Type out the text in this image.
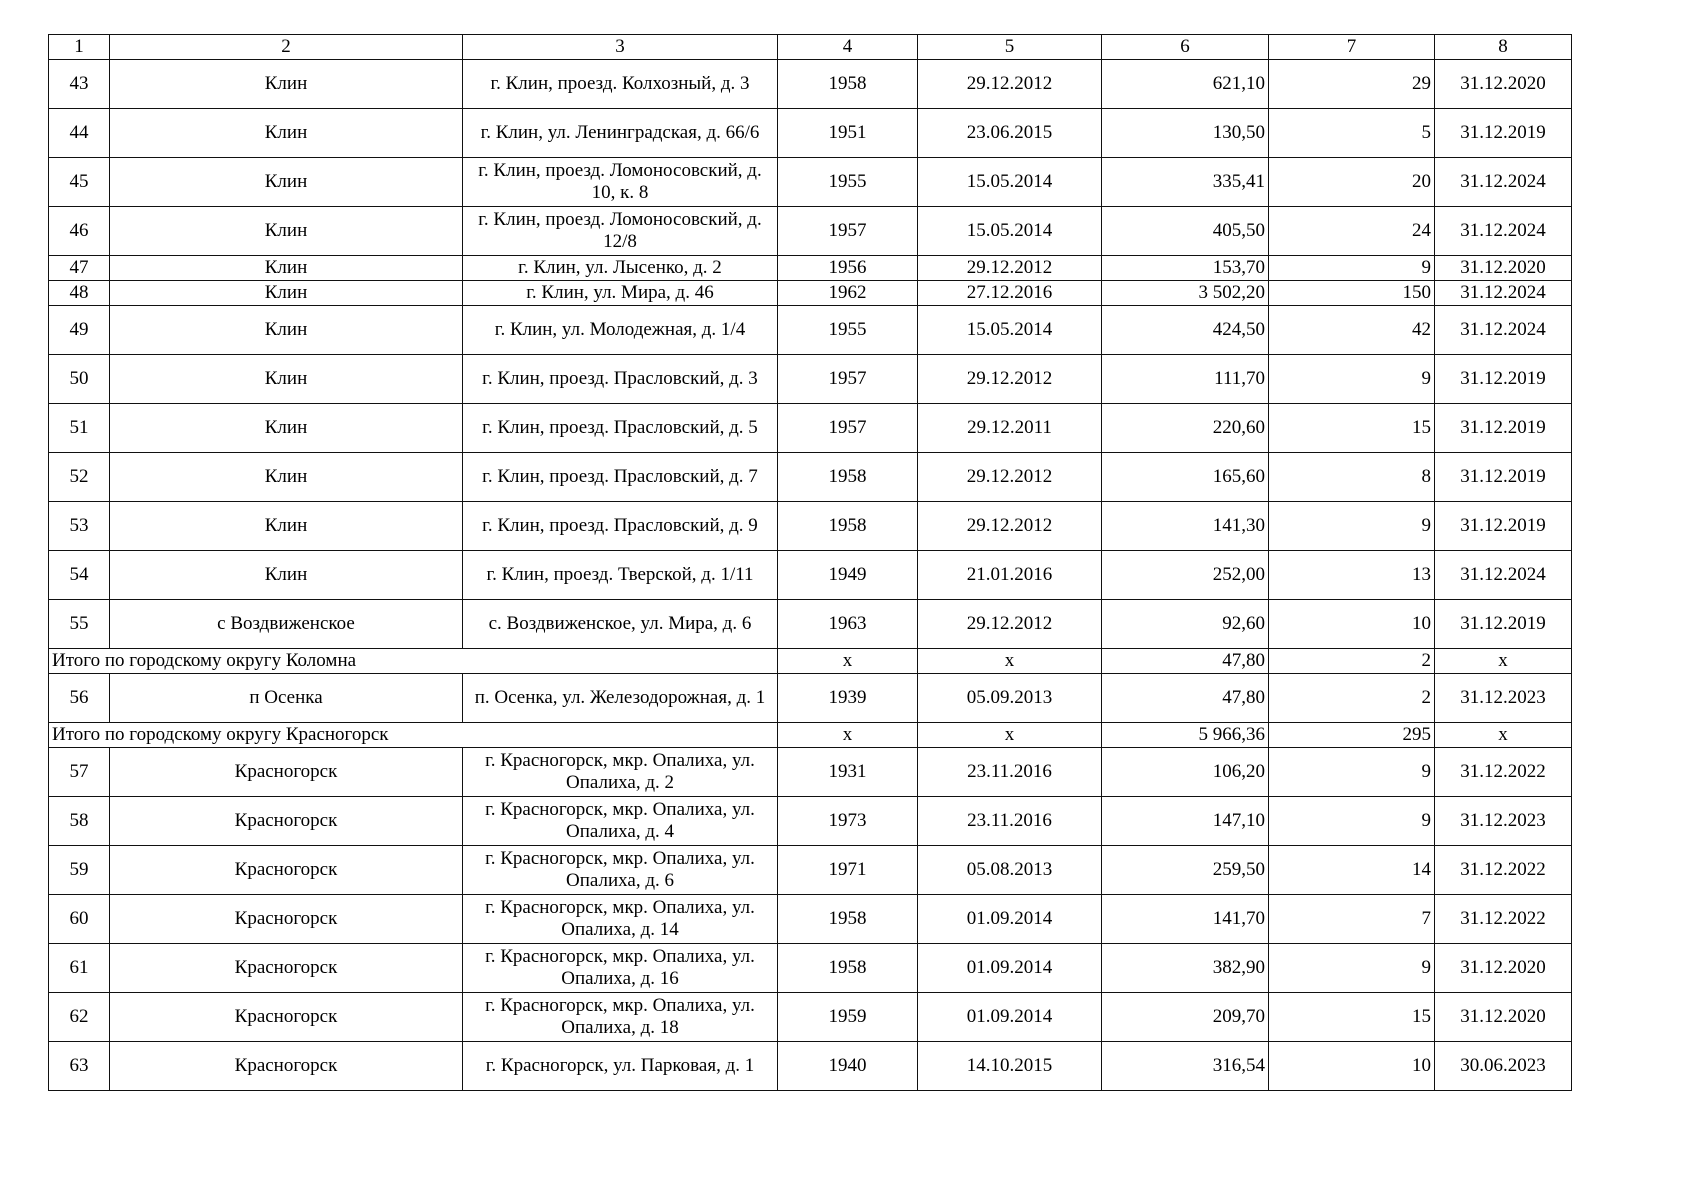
1	2	3	4	5	6	7	8
43	Клин	г. Клин, проезд. Колхозный, д. 3	1958	29.12.2012	621,10	29	31.12.2020
44	Клин	г. Клин, ул. Ленинградская, д. 66/6	1951	23.06.2015	130,50	5	31.12.2019
45	Клин	г. Клин, проезд. Ломоносовский, д. 10, к. 8	1955	15.05.2014	335,41	20	31.12.2024
46	Клин	г. Клин, проезд. Ломоносовский, д. 12/8	1957	15.05.2014	405,50	24	31.12.2024
47	Клин	г. Клин, ул. Лысенко, д. 2	1956	29.12.2012	153,70	9	31.12.2020
48	Клин	г. Клин, ул. Мира, д. 46	1962	27.12.2016	3 502,20	150	31.12.2024
49	Клин	г. Клин, ул. Молодежная, д. 1/4	1955	15.05.2014	424,50	42	31.12.2024
50	Клин	г. Клин, проезд. Прасловский, д. 3	1957	29.12.2012	111,70	9	31.12.2019
51	Клин	г. Клин, проезд. Прасловский, д. 5	1957	29.12.2011	220,60	15	31.12.2019
52	Клин	г. Клин, проезд. Прасловский, д. 7	1958	29.12.2012	165,60	8	31.12.2019
53	Клин	г. Клин, проезд. Прасловский, д. 9	1958	29.12.2012	141,30	9	31.12.2019
54	Клин	г. Клин, проезд. Тверской, д. 1/11	1949	21.01.2016	252,00	13	31.12.2024
55	с Воздвиженское	с. Воздвиженское, ул. Мира, д. 6	1963	29.12.2012	92,60	10	31.12.2019
Итого по городскому округу Коломна			х	х	47,80	2	х
56	п Осенка	п. Осенка, ул. Железодорожная, д. 1	1939	05.09.2013	47,80	2	31.12.2023
Итого по городскому округу Красногорск			х	х	5 966,36	295	х
57	Красногорск	г. Красногорск, мкр. Опалиха, ул. Опалиха, д. 2	1931	23.11.2016	106,20	9	31.12.2022
58	Красногорск	г. Красногорск, мкр. Опалиха, ул. Опалиха, д. 4	1973	23.11.2016	147,10	9	31.12.2023
59	Красногорск	г. Красногорск, мкр. Опалиха, ул. Опалиха, д. 6	1971	05.08.2013	259,50	14	31.12.2022
60	Красногорск	г. Красногорск, мкр. Опалиха, ул. Опалиха, д. 14	1958	01.09.2014	141,70	7	31.12.2022
61	Красногорск	г. Красногорск, мкр. Опалиха, ул. Опалиха, д. 16	1958	01.09.2014	382,90	9	31.12.2020
62	Красногорск	г. Красногорск, мкр. Опалиха, ул. Опалиха, д. 18	1959	01.09.2014	209,70	15	31.12.2020
63	Красногорск	г. Красногорск, ул. Парковая, д. 1	1940	14.10.2015	316,54	10	30.06.2023
